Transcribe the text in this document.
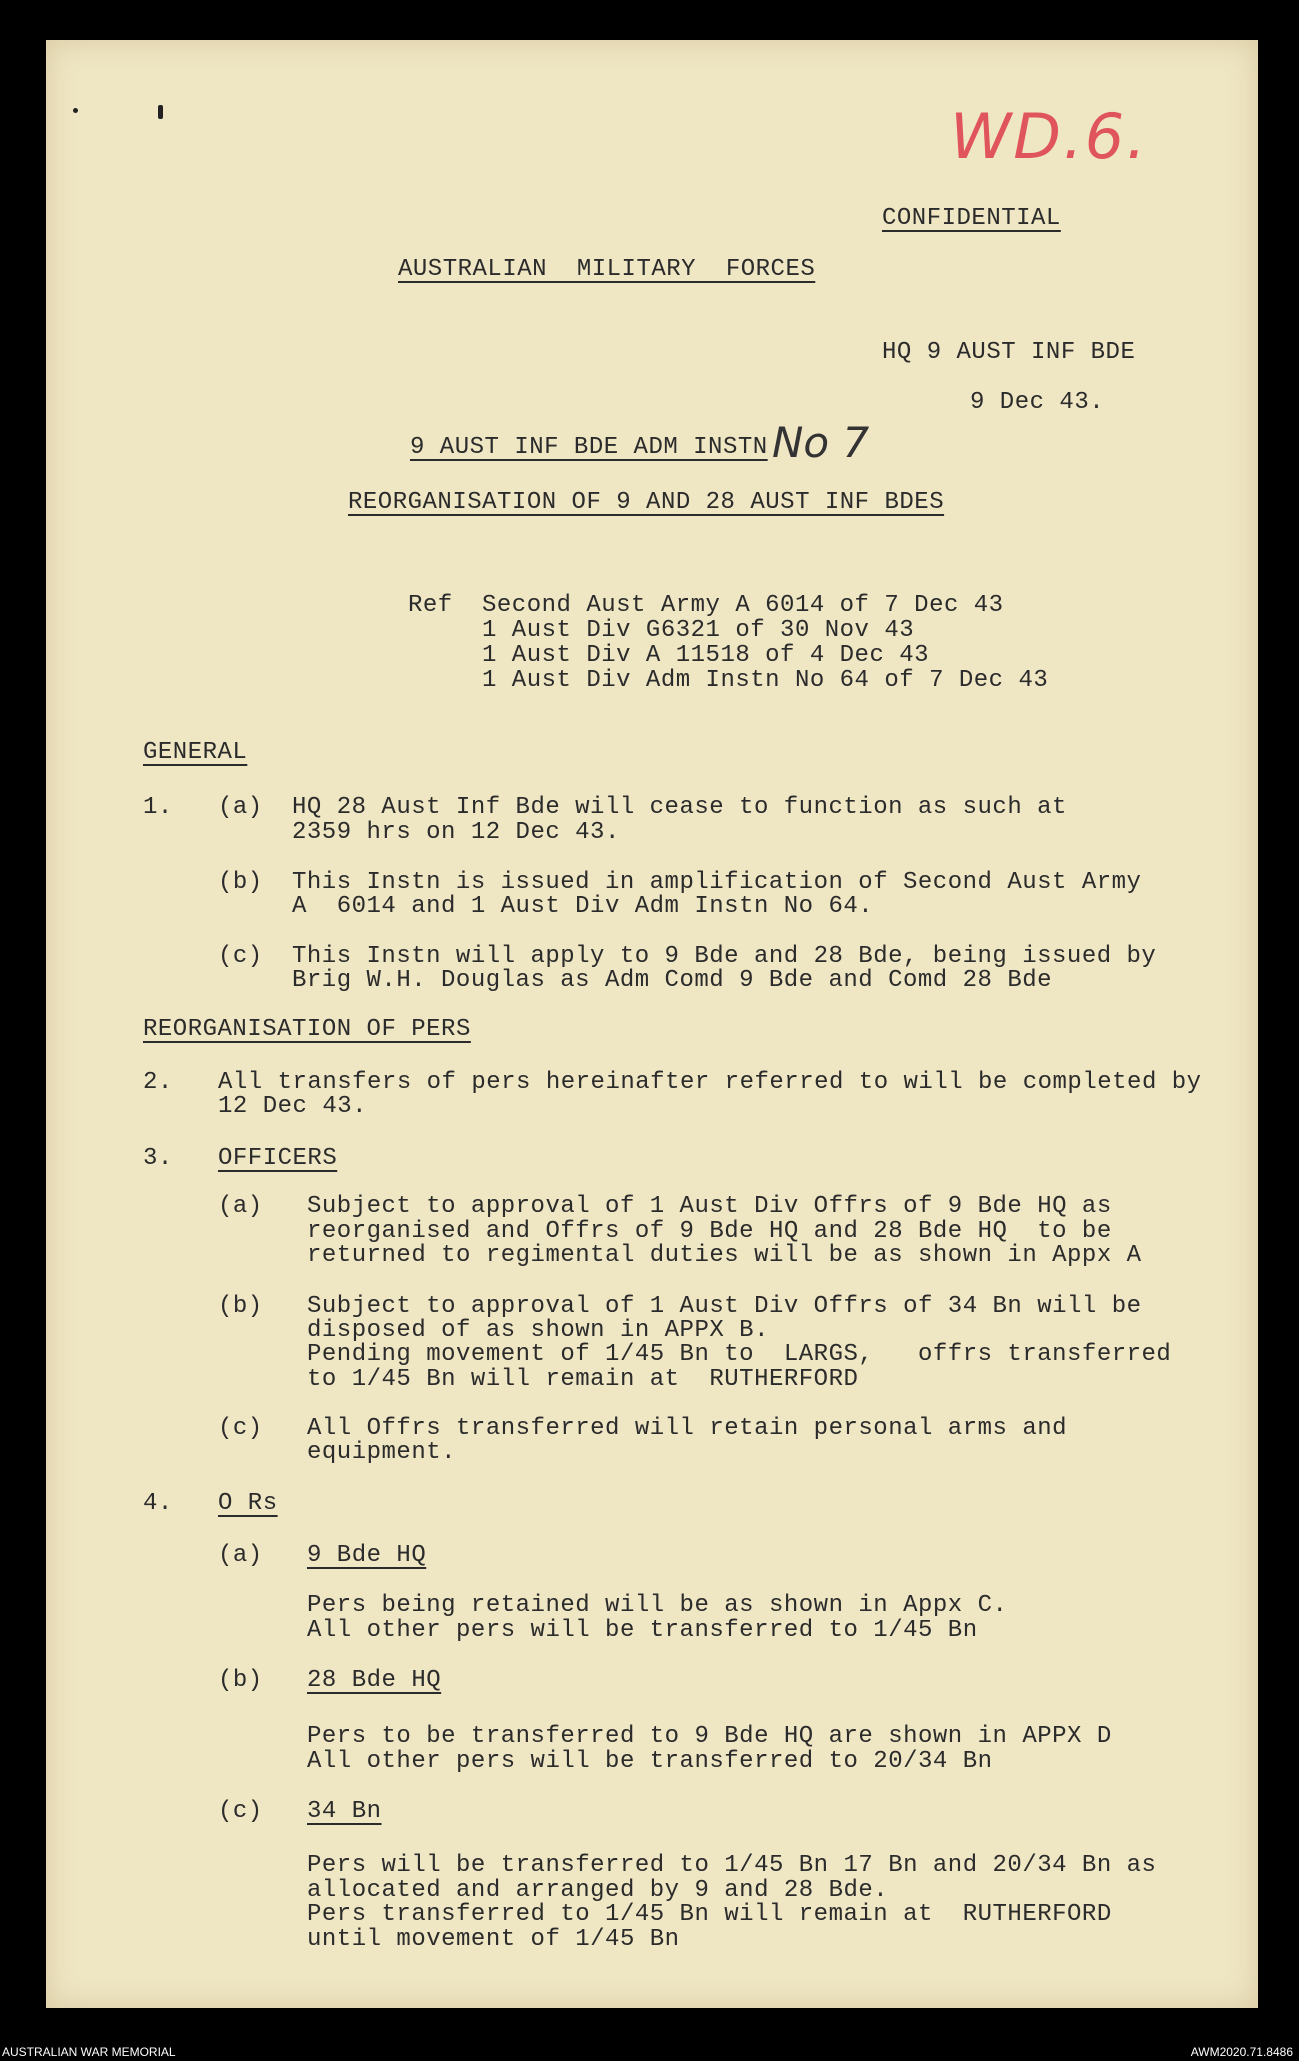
WD.6.
CONFIDENTIAL
AUSTRALIAN  MILITARY  FORCES
HQ 9 AUST INF BDE
9 Dec 43.
9 AUST INF BDE ADM INSTN No 7
REORGANISATION OF 9 AND 28 AUST INF BDES
Ref Second Aust Army A 6014 of 7 Dec 43
1 Aust Div G6321 of 30 Nov 43
1 Aust Div A 11518 of 4 Dec 43
1 Aust Div Adm Instn No 64 of 7 Dec 43
GENERAL
1. (a) HQ 28 Aust Inf Bde will cease to function as such at
2359 hrs on 12 Dec 43.
(b) This Instn is issued in amplification of Second Aust Army
A  6014 and 1 Aust Div Adm Instn No 64.
(c) This Instn will apply to 9 Bde and 28 Bde, being issued by
Brig W.H. Douglas as Adm Comd 9 Bde and Comd 28 Bde
REORGANISATION OF PERS
2. All transfers of pers hereinafter referred to will be completed by
12 Dec 43.
3. OFFICERS
(a) Subject to approval of 1 Aust Div Offrs of 9 Bde HQ as
reorganised and Offrs of 9 Bde HQ and 28 Bde HQ  to be
returned to regimental duties will be as shown in Appx A
(b) Subject to approval of 1 Aust Div Offrs of 34 Bn will be
disposed of as shown in APPX B.
Pending movement of 1/45 Bn to  LARGS,   offrs transferred
to 1/45 Bn will remain at  RUTHERFORD
(c) All Offrs transferred will retain personal arms and
equipment.
4. O Rs
(a) 9 Bde HQ
Pers being retained will be as shown in Appx C.
All other pers will be transferred to 1/45 Bn
(b) 28 Bde HQ
Pers to be transferred to 9 Bde HQ are shown in APPX D
All other pers will be transferred to 20/34 Bn
(c) 34 Bn
Pers will be transferred to 1/45 Bn 17 Bn and 20/34 Bn as
allocated and arranged by 9 and 28 Bde.
Pers transferred to 1/45 Bn will remain at  RUTHERFORD
until movement of 1/45 Bn
AUSTRALIAN WAR MEMORIAL	AWM2020.71.8486
